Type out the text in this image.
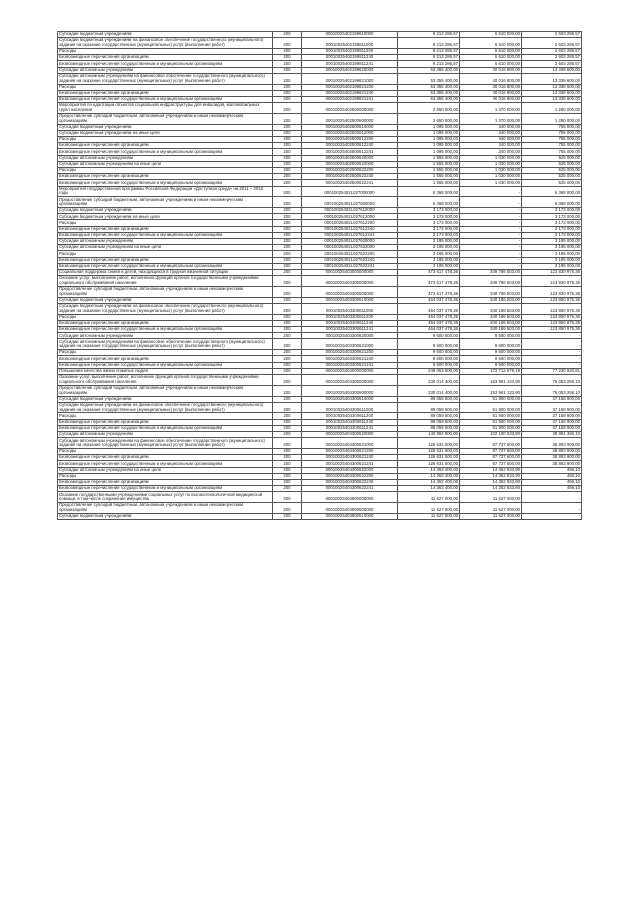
Субсидии бюджетным учреждениям	200	00010025402199810000	9 213 286,57	6 610 000,00	2 603 286,57
Субсидии бюджетным учреждениям на финансовое обеспечение государственного (муниципального) задания на оказание государственных (муниципальных) услуг (выполнение работ)	200	00010025402199811000	9 213 286,57	6 610 000,00	2 603 286,57
Расходы	200	00010025402199811200	9 213 286,57	6 610 000,00	2 603 286,57
Безвозмездные перечисления организациям	200	00010025402199811240	9 213 286,57	6 610 000,00	2 603 286,57
Безвозмездные перечисления государственным и муниципальным организациям	200	00010025402199811241	9 213 286,57	6 610 000,00	2 603 286,57
Субсидии автономным учреждениям	200	00010025402199820000	53 355 400,00	40 016 800,00	13 338 600,00
Субсидии автономным учреждениям на финансовое обеспечение государственного (муниципального) задания на оказание государственных (муниципальных) услуг (выполнение работ)	200	00010025402199821000	53 355 400,00	40 016 800,00	13 338 600,00
Расходы	200	00010025402199821200	53 355 400,00	40 016 800,00	13 338 600,00
Безвозмездные перечисления организациям	200	00010025402199821240	53 355 400,00	40 016 800,00	13 338 600,00
Безвозмездные перечисления государственным и муниципальным организациям	200	00010025402199821241	53 355 400,00	40 016 800,00	13 338 600,00
Мероприятия по адаптации объектов социальной инфраструктуры для инвалидов, маломобильных групп населения	200	00010025402500000000	2 650 000,00	1 370 000,00	1 280 000,00
Предоставление субсидий бюджетным, автономным учреждениям и иным некоммерческим организациям	200	00010025402500600000	2 650 000,00	1 370 000,00	1 280 000,00
Субсидии бюджетным учреждениям	200	00010025402500610000	1 095 000,00	340 000,00	755 000,00
Субсидии бюджетным учреждениям на иные цели	200	00010025402500612000	1 095 000,00	340 000,00	755 000,00
Расходы	200	00010025402500612200	1 095 000,00	340 000,00	755 000,00
Безвозмездные перечисления организациям	200	00010025402500612240	1 095 000,00	340 000,00	755 000,00
Безвозмездные перечисления государственным и муниципальным организациям	200	00010025402500612241	1 095 000,00	340 000,00	755 000,00
Субсидии автономным учреждениям	200	00010025402500620000	1 555 000,00	1 030 000,00	525 000,00
Субсидии автономным учреждениям на иные цели	200	00010025402500622000	1 555 000,00	1 030 000,00	525 000,00
Расходы	200	00010025402500622200	1 555 000,00	1 030 000,00	525 000,00
Безвозмездные перечисления организациям	200	00010025402500622240	1 555 000,00	1 030 000,00	525 000,00
Безвозмездные перечисления государственным и муниципальным организациям	200	00010025402500622241	1 555 000,00	1 030 000,00	525 000,00
Мероприятия государственной программы Российской Федерации «Доступная среда» на 2011 – 2015 годы	200	00010025402L027000000	6 368 000,00	-	6 368 000,00
Предоставление субсидий бюджетным, автономным учреждениям и иным некоммерческим организациям	200	00010025402L027600000	6 368 000,00	-	6 368 000,00
Субсидии бюджетным учреждениям	200	00010025402L027610000	3 173 000,00	-	3 173 000,00
Субсидии бюджетным учреждениям на иные цели	200	00010025402L027612000	3 173 000,00	-	3 173 000,00
Расходы	200	00010025402L027612200	3 173 000,00	-	3 173 000,00
Безвозмездные перечисления организациям	200	00010025402L027612240	3 173 000,00	-	3 173 000,00
Безвозмездные перечисления государственным и муниципальным организациям	200	00010025402L027612241	3 173 000,00	-	3 173 000,00
Субсидии автономным учреждениям	200	00010025402L027620000	3 195 000,00	-	3 195 000,00
Субсидии автономным учреждениям на иные цели	200	00010025402L027622000	3 195 000,00	-	3 195 000,00
Расходы	200	00010025402L027622200	3 195 000,00	-	3 195 000,00
Безвозмездные перечисления организациям	200	00010025402L027622240	3 195 000,00	-	3 195 000,00
Безвозмездные перечисления государственным и муниципальным организациям	200	00010025402L027622241	3 195 000,00	-	3 195 000,00
Социальная поддержка семей и детей, находящихся в трудной жизненной ситуации	200	00010025403000000000	473 617 478,36	349 786 503,00	123 830 975,36
Оказание услуг, выполнение работ, исполнение функций органов государственными учреждениями социального обслуживания населения	200	00010025403300000000	473 617 478,36	349 786 503,00	123 830 975,36
Предоставление субсидий бюджетным, автономным учреждениям и иным некоммерческим организациям	200	00010025403300600000	473 617 478,36	349 786 503,00	123 830 975,36
Субсидии бюджетным учреждениям	200	00010025403300610000	464 037 478,36	340 186 503,00	123 850 975,36
Субсидии бюджетным учреждениям на финансовое обеспечение государственного (муниципального) задания на оказание государственных (муниципальных) услуг (выполнение работ)	200	00010025403300611000	464 037 478,36	340 186 503,00	123 850 975,36
Расходы	200	00010025403300611200	464 037 478,36	340 186 503,00	123 850 975,36
Безвозмездные перечисления организациям	200	00010025403300611240	464 037 478,36	340 186 503,00	123 850 975,36
Безвозмездные перечисления государственным и муниципальным организациям	200	00010025403300611241	464 037 478,36	340 186 503,00	123 850 975,36
Субсидии автономным учреждениям	200	00010025403300620000	9 600 000,00	9 600 000,00	-
Субсидии автономным учреждениям на финансовое обеспечение государственного (муниципального) задания на оказание государственных (муниципальных) услуг (выполнение работ)	200	00010025403300621000	9 600 000,00	9 600 000,00	-
Расходы	200	00010025403300621200	9 600 000,00	9 600 000,00	-
Безвозмездные перечисления организациям	200	00010025403300621240	9 600 000,00	9 600 000,00	-
Безвозмездные перечисления государственным и муниципальным организациям	200	00010025403300621241	9 600 000,00	9 600 000,00	-
Повышение качества жизни пожилых людей	200	00010025404000000000	249 053 500,00	172 712 579,19	77 230 920,81
Оказание услуг, выполнение работ, исполнение функций органов государственными учреждениями социального обслуживания населения	200	00010025404300000000	230 014 400,00	153 961 133,90	76 053 266,10
Предоставление субсидий бюджетным, автономным учреждениям и иным некоммерческим организациям	200	00010025404300600000	230 014 400,00	153 961 133,90	76 053 266,10
Субсидии бюджетным учреждениям	200	00010025404300610000	89 059 500,00	51 900 000,00	37 158 900,00
Субсидии бюджетным учреждениям на финансовое обеспечение государственного (муниципального) задания на оказание государственных (муниципальных) услуг (выполнение работ)	200	00010025404300611000	89 059 500,00	51 900 000,00	37 158 900,00
Расходы	200	00010025404300611200	89 059 500,00	51 900 000,00	37 158 900,00
Безвозмездные перечисления организациям	200	00010025404300611240	89 059 500,00	51 900 000,00	37 158 900,00
Безвозмездные перечисления государственным и муниципальным организациям	200	00010025404300611241	89 059 500,00	51 900 000,00	37 158 900,00
Субсидии автономным учреждениям	200	00010025404300620000	140 994 900,00	102 100 533,90	38 894 366,10
Субсидии автономным учреждениям на финансовое обеспечение государственного (муниципального) задания на оказание государственных (муниципальных) услуг (выполнение работ)	200	00010025404300621000	126 631 500,00	87 737 600,00	38 893 900,00
Расходы	200	00010025404300621200	126 631 500,00	87 737 600,00	38 893 900,00
Безвозмездные перечисления организациям	200	00010025404300621240	126 631 500,00	87 737 600,00	38 893 900,00
Безвозмездные перечисления государственным и муниципальным организациям	200	00010025404300621241	126 631 500,00	87 737 600,00	38 893 900,00
Субсидии автономным учреждениям на иные цели	200	00010025404300622000	14 363 400,00	14 362 933,90	466,10
Расходы	200	00010025404300622200	14 363 400,00	14 362 933,90	466,10
Безвозмездные перечисления организациям	200	00010025404300622240	14 363 400,00	14 362 933,90	466,10
Безвозмездные перечисления государственным и муниципальным организациям	200	00010025404300622241	14 363 400,00	14 362 933,90	466,10
Оказание государственными учреждениями социальных услуг по высокотехнологичной медицинской помощи, в том числе сохранение имущества	200	00010025404900000000	11 627 000,00	11 627 000,00	-
Предоставление субсидий бюджетным, автономным учреждениям и иным некоммерческим организациям	200	00010025404900600000	11 627 000,00	11 627 000,00	-
Субсидии бюджетным учреждениям	200	00010025404900610000	11 627 000,00	11 627 000,00	-
